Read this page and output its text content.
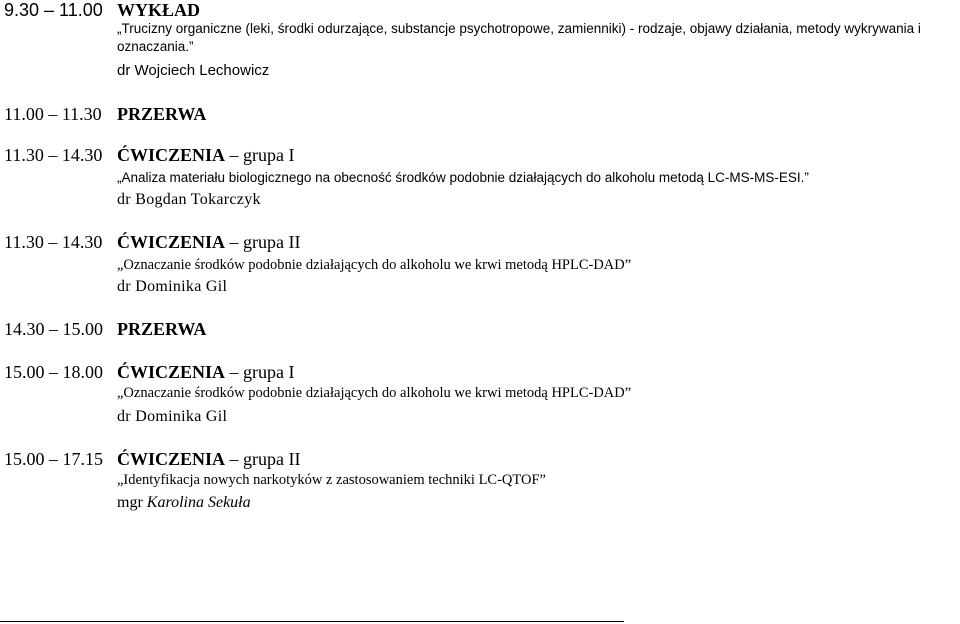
9.30 – 11.00 WYKŁAD
„Trucizny organiczne (leki, środki odurzające, substancje psychotropowe, zamienniki) - rodzaje, objawy działania, metody wykrywania i oznaczania.”
dr Wojciech Lechowicz
11.00 – 11.30 PRZERWA
11.30 – 14.30 ĆWICZENIA – grupa I
„Analiza materiału biologicznego na obecność środków podobnie działających do alkoholu metodą LC-MS-MS-ESI.”
dr Bogdan Tokarczyk
11.30 – 14.30 ĆWICZENIA – grupa II
„Oznaczanie środków podobnie działających do alkoholu we krwi metodą HPLC-DAD”
dr Dominika Gil
14.30 – 15.00 PRZERWA
15.00 – 18.00 ĆWICZENIA – grupa I
„Oznaczanie środków podobnie działających do alkoholu we krwi metodą HPLC-DAD”
dr Dominika Gil
15.00 – 17.15 ĆWICZENIA – grupa II
„Identyfikacja nowych narkotyków z zastosowaniem techniki LC-QTOF”
mgr Karolina Sekuła
